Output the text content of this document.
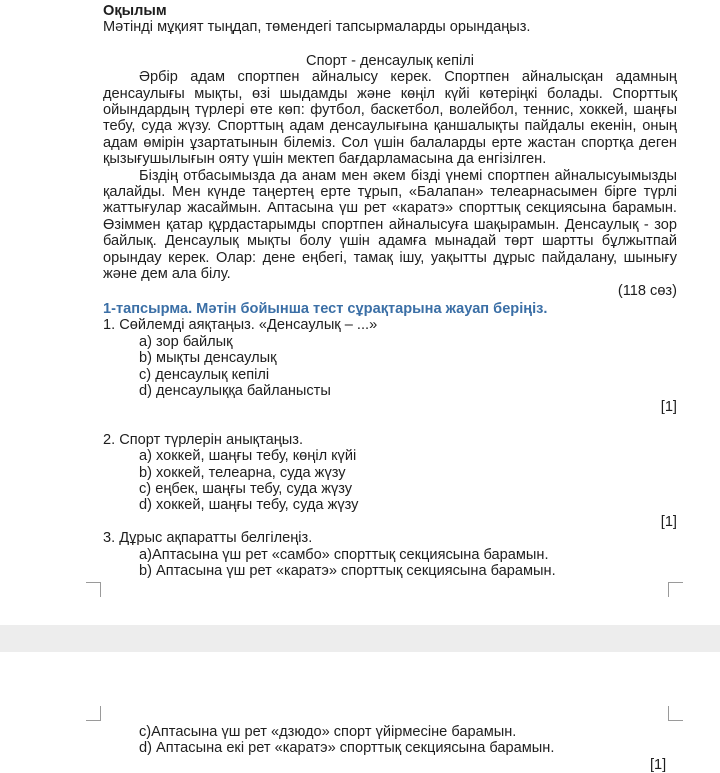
Оқылым
Мәтінді мұқият тыңдап, төмендегі тапсырмаларды орындаңыз.
Спорт - денсаулық кепілі
Әрбір адам спортпен айналысу керек. Спортпен айналысқан адамның денсаулығы мықты, өзі шыдамды және көңіл күйі көтеріңкі болады. Спорттық ойындардың түрлері өте көп: футбол, баскетбол, волейбол, теннис, хоккей, шаңғы тебу, суда жүзу. Спорттың адам денсаулығына қаншалықты пайдалы екенін, оның адам өмірін ұзартатынын білеміз. Сол үшін балаларды ерте жастан спортқа деген қызығушылығын ояту үшін мектеп бағдарламасына да енгізілген.
Біздің отбасымызда да анам мен әкем бізді үнемі спортпен айналысуымызды қалайды. Мен күнде таңертең ерте тұрып, «Балапан» телеарнасымен бірге түрлі жаттығулар жасаймын. Аптасына үш рет «каратэ» спорттық секциясына барамын. Өзіммен қатар құрдастарымды спортпен айналысуға шақырамын. Денсаулық - зор байлық. Денсаулық мықты болу үшін адамға мынадай төрт шартты бұлжытпай орындау керек. Олар: дене еңбегі, тамақ ішу, уақытты дұрыс пайдалану, шынығу және дем ала білу.
(118 сөз)
1-тапсырма. Мәтін бойынша тест сұрақтарына жауап беріңіз.
1. Сөйлемді аяқтаңыз. «Денсаулық – ...»
a) зор байлық
b) мықты денсаулық
c) денсаулық кепілі
d) денсаулыққа байланысты
[1]
2. Спорт түрлерін анықтаңыз.
a) хоккей, шаңғы тебу, көңіл күйі
b) хоккей, телеарна, суда жүзу
c) еңбек, шаңғы тебу, суда жүзу
d) хоккей, шаңғы тебу, суда жүзу
[1]
3. Дұрыс ақпаратты белгілеңіз.
a)Аптасына үш рет «самбо» спорттық секциясына барамын.
b) Аптасына үш рет «каратэ» спорттық секциясына барамын.
c)Аптасына үш рет «дзюдо» спорт үйірмесіне барамын.
d) Аптасына екі рет «каратэ» спорттық секциясына барамын.
[1]
